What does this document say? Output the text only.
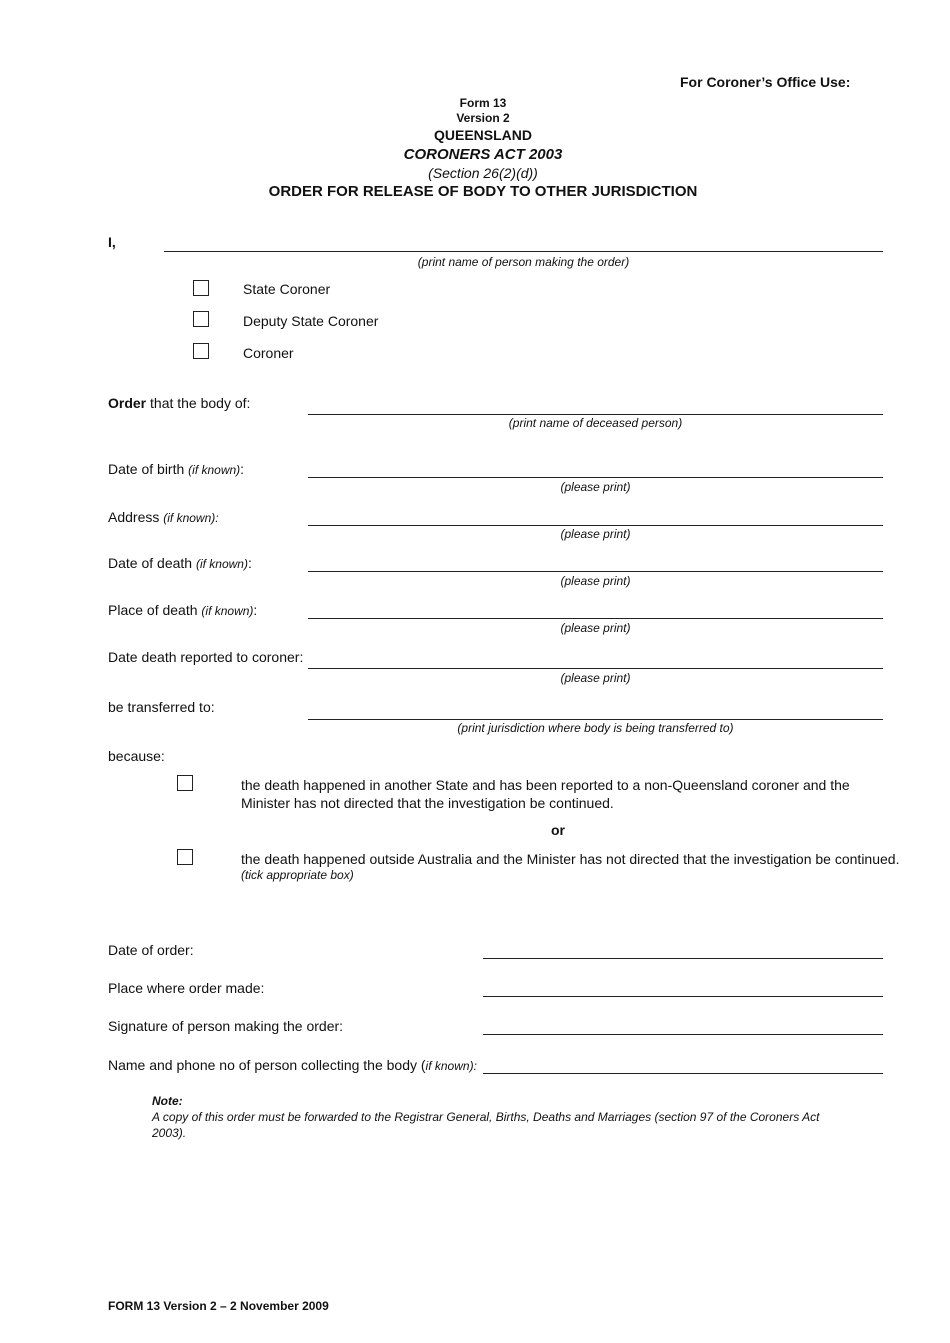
For Coroner’s Office Use:
Form 13
Version 2
QUEENSLAND
CORONERS ACT 2003
(Section 26(2)(d))
ORDER FOR RELEASE OF BODY TO OTHER JURISDICTION
I,
(print name of person making the order)
State Coroner
Deputy State Coroner
Coroner
Order that the body of:
(print name of deceased person)
Date of birth (if known):
(please print)
Address (if known):
(please print)
Date of death (if known):
(please print)
Place of death (if known):
(please print)
Date death reported to coroner:
(please print)
be transferred to:
(print jurisdiction where body is being transferred to)
because:
the death happened in another State and has been reported to a non-Queensland coroner and the Minister has not directed that the investigation be continued.
or
the death happened outside Australia and the Minister has not directed that the investigation be continued.
(tick appropriate box)
Date of order:
Place where order made:
Signature of person making the order:
Name and phone no of person collecting the body (if known):
Note:
A copy of this order must be forwarded to the Registrar General, Births, Deaths and Marriages (section 97 of the Coroners Act 2003).
FORM 13 Version 2 – 2 November 2009
